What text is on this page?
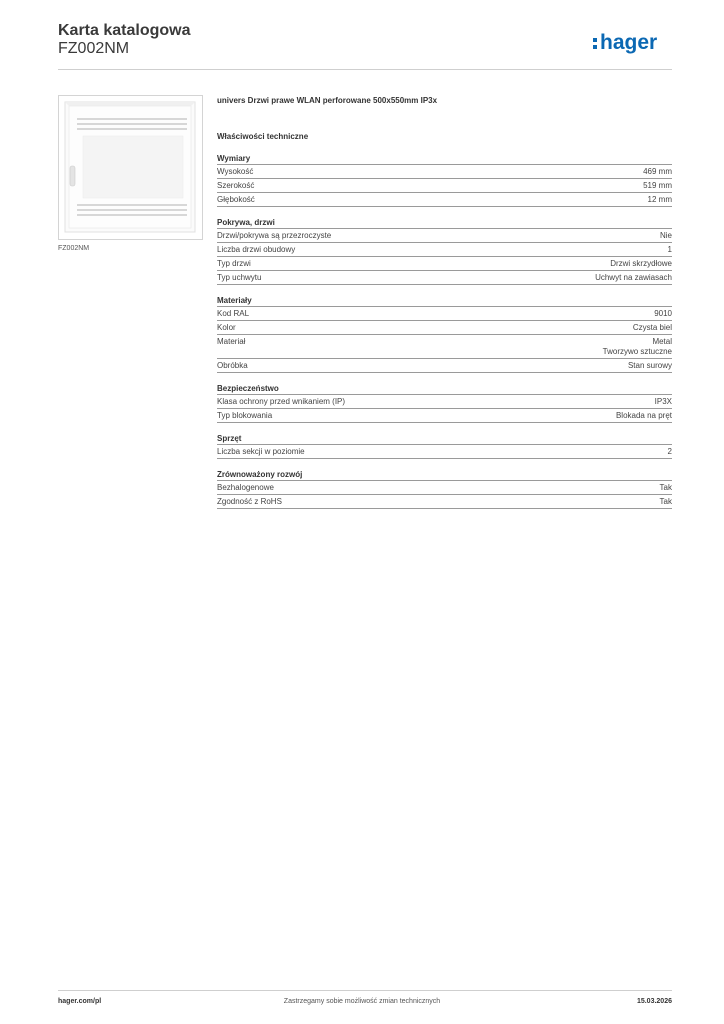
Karta katalogowa
FZ002NM	hager
FZ002NM
univers Drzwi prawe WLAN perforowane 500x550mm IP3x
Właściwości techniczne
Wymiary
Wysokość	469 mm
Szerokość	519 mm
Głębokość	12 mm
Pokrywa, drzwi
Drzwi/pokrywa są przezroczyste	Nie
Liczba drzwi obudowy	1
Typ drzwi	Drzwi skrzydłowe
Typ uchwytu	Uchwyt na zawiasach
Materiały
Kod RAL	9010
Kolor	Czysta biel
Materiał	Metal
Tworzywo sztuczne
Obróbka	Stan surowy
Bezpieczeństwo
Klasa ochrony przed wnikaniem (IP)	IP3X
Typ blokowania	Blokada na pręt
Sprzęt
Liczba sekcji w poziomie	2
Zrównoważony rozwój
Bezhalogenowe	Tak
Zgodność z RoHS	Tak
hager.com/pl	Zastrzegamy sobie możliwość zmian technicznych	15.03.2026
